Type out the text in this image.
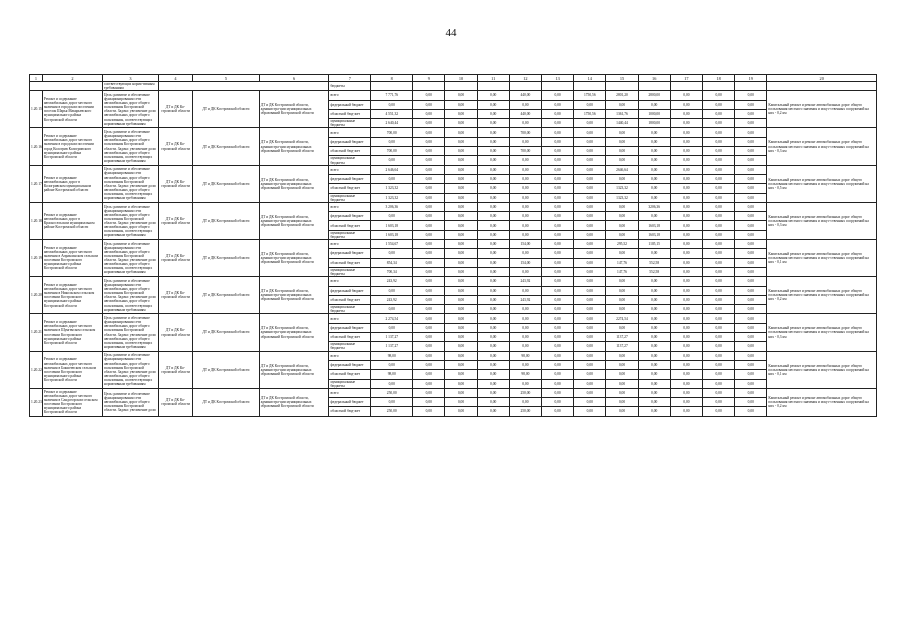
44
1	2	3	4	5	6	7	8	9	10	11	12	13	14	15	16	17	18	19	20
		соответствующих норма-тивным требованиям				бюджеты													
1.20.15	Ремонт и содержание автомобильных дорог местного значения в городском поселении поселок Шарья Макарьевского муниципального района Костромской области	Цель: развитие и обеспечение функционирования сети автомобильных дорог общего пользования Костромской области. Задача: увеличение доли автомобильных дорог общего пользования, соответствующих нормативным требованиям	ДТ и ДК Ко-стромской области	ДТ и ДК Костромской области	ДТ и ДК Костромской области, админиcтра-ции муниципальных образований Костромской области	всего	7 771,76	0,00	0,00	0,00	440,00	0,00	1750,56	2801,20	2800,00	0,00	0,00	0,00	Капитальный ремонт и ремонт автомобильных дорог общего пользования местного значения и искус-ственных сооружений на них - 0,2 км
						федеральный бюджет	0,00	0,00	0,00	0,00	0,00	0,00	0,00	0,00	0,00	0,00	0,00	0,00	
						областной бюд-жет	4 551,32	0,00	0,00	0,00	440,00	0,00	1750,56	1361,76	1000,00	0,00	0,00	0,00	
						муниципальные бюджеты	2 640,44	0,00	0,00	0,00	0,00	0,00	0,00	1440,44	1800,00	0,00	0,00	0,00	
1.20.16	Ремонт и содержание автомобильных дорог местного значения в городском поселении город Кологрив Кологривского муниципального района Костромской области	Цель: развитие и обеспечение функционирования сети автомобильных дорог общего пользования Костромской области. Задача: увеличение доли автомобильных дорог общего пользования, соответствующих нормативным требованиям	ДТ и ДК Ко-стромской области	ДТ и ДК Костромской области	ДТ и ДК Костромской области, админиcтра-ции муниципальных образований Костромской области	всего	700,00	0,00	0,00	0,00	700,00	0,00	0,00	0,00	0,00	0,00	0,00	0,00	Капитальный ремонт и ремонт автомобильных дорог общего пользования местного значения и искус-ственных сооружений на них - 0,3 км
						федеральный бюджет	0,00	0,00	0,00	0,00	0,00	0,00	0,00	0,00	0,00	0,00	0,00	0,00	
						областной бюд-жет	700,00	0,00	0,00	0,00	700,00	0,00	0,00	0,00	0,00	0,00	0,00	0,00	
						муниципальные бюджеты	0,00	0,00	0,00	0,00	0,00	0,00	0,00	0,00	0,00	0,00	0,00	0,00	
1.20.17	Ремонт и содержание автомобильных дорог в Кологривском муниципальном районе Костромской области	Цель: развитие и обеспечение функционирования сети автомобильных дорог общего пользования Костромской области. Задача: увеличение доли автомобильных дорог общего пользования, соответствующих нормативным требованиям	ДТ и ДК Ко-стромской области	ДТ и ДК Костромской области	ДТ и ДК Костромской области, админиcтра-ции муниципальных образований Костромской области	всего	2 646,64	0,00	0,00	0,00	0,00	0,00	0,00	2646,64	0,00	0,00	0,00	0,00	Капитальный ремонт и ремонт автомобильных дорог общего пользования местного значения и искус-ственных сооружений на них - 0,5 км
						федеральный бюджет	0,00	0,00	0,00	0,00	0,00	0,00	0,00	0,00	0,00	0,00	0,00	0,00	
						областной бюд-жет	1 323,32	0,00	0,00	0,00	0,00	0,00	0,00	1323,32	0,00	0,00	0,00	0,00	
						муниципальные бюджеты	1 323,32	0,00	0,00	0,00	0,00	0,00	0,00	1323,32	0,00	0,00	0,00	0,00	
1.20.18	Ремонт и содержание автомобильных дорог в Красносельском муниципальном районе Костромской области	Цель: развитие и обеспечение функционирования сети автомобильных дорог общего пользования Костромской области. Задача: увеличение доли автомобильных дорог общего пользования, соответствующих нормативным требованиям	ДТ и ДК Ко-стромской области	ДТ и ДК Костромской области	ДТ и ДК Костромской области, админиcтра-ции муниципальных образований Костромской области	всего	3 206,36	0,00	0,00	0,00	0,00	0,00	0,00	0,00	3206,36	0,00	0,00	0,00	Капитальный ремонт и ремонт автомобильных дорог общего пользования местного значения и искус-ственных сооружений на них - 0,3 км
						федеральный бюджет	0,00	0,00	0,00	0,00	0,00	0,00	0,00	0,00	0,00	0,00	0,00	0,00	
						областной бюд-жет	1 603,18	0,00	0,00	0,00	0,00	0,00	0,00	0,00	1603,18	0,00	0,00	0,00	
						муниципальные бюджеты	1 603,18	0,00	0,00	0,00	0,00	0,00	0,00	0,00	1603,18	0,00	0,00	0,00	
1.20.19	Ремонт и содержание автомобильных дорог местного значения в Апраксинском сельском поселении Костромского муниципального района Костромской области	Цель: развитие и обеспечение функционирования сети автомобильных дорог общего пользования Костромской области. Задача: увеличение доли автомобильных дорог общего пользования, соответствующих нормативным требованиям	ДТ и ДК Ко-стромской области	ДТ и ДК Костромской области	ДТ и ДК Костромской области, админиcтра-ции муниципальных образований Костромской области	всего	1 554,67	0,00	0,00	0,00	154,00	0,00	0,00	295,52	1105,15	0,00	0,00	0,00	Капитальный ремонт и ремонт автомобильных дорог общего пользования местного значения и искус-ственных сооружений на них - 0,1 км
						федеральный бюджет	0,00	0,00	0,00	0,00	0,00	0,00	0,00	0,00	0,00	0,00	0,00	0,00	
						областной бюд-жет	854,34	0,00	0,00	0,00	154,00	0,00	0,00	147,76	552,58	0,00	0,00	0,00	
						муниципальные бюджеты	700,34	0,00	0,00	0,00	0,00	0,00	0,00	147,76	552,58	0,00	0,00	0,00	
1.20.20	Ремонт и содержание автомобильных дорог местного значения в Никольском сельском поселении Костромского муниципального района Костромской области	Цель: развитие и обеспечение функционирования сети автомобильных дорог общего пользования Костромской области. Задача: увеличение доли автомобильных дорог общего пользования, соответствующих нормативным требованиям	ДТ и ДК Ко-стромской области	ДТ и ДК Костромской области	ДТ и ДК Костромской области, админиcтра-ции муниципальных образований Костромской области	всего	243,92	0,00	0,00	0,00	243,92	0,00	0,00	0,00	0,00	0,00	0,00	0,00	Капитальный ремонт и ремонт автомобильных дорог общего пользования местного значения и искус-ственных сооружений на них - 0,2 км
						федеральный бюджет	0,00	0,00	0,00	0,00	0,00	0,00	0,00	0,00	0,00	0,00	0,00	0,00	
						областной бюд-жет	243,92	0,00	0,00	0,00	243,92	0,00	0,00	0,00	0,00	0,00	0,00	0,00	
						муниципальные бюджеты	0,00	0,00	0,00	0,00	0,00	0,00	0,00	0,00	0,00	0,00	0,00	0,00	
1.20.21	Ремонт и содержание автомобильных дорог местного значения в Шунгенском сельском поселении Костромского муниципального района Костромской области	Цель: развитие и обеспечение функционирования сети автомобильных дорог общего пользования Костромской области. Задача: увеличение доли автомобильных дорог общего пользования, соответствующих нормативным требованиям	ДТ и ДК Ко-стромской области	ДТ и ДК Костромской области	ДТ и ДК Костромской области, админиcтра-ции муниципальных образований Костромской области	всего	2 274,54	0,00	0,00	0,00	0,00	0,00	0,00	2274,54	0,00	0,00	0,00	0,00	Капитальный ремонт и ремонт автомобильных дорог общего пользования местного значения и искус-ственных сооружений на них - 0,3 км
						федеральный бюджет	0,00	0,00	0,00	0,00	0,00	0,00	0,00	0,00	0,00	0,00	0,00	0,00	
						областной бюд-жет	1 137,27	0,00	0,00	0,00	0,00	0,00	0,00	1137,27	0,00	0,00	0,00	0,00	
						муниципальные бюджеты	1 137,27	0,00	0,00	0,00	0,00	0,00	0,00	1137,27	0,00	0,00	0,00	0,00	
1.20.22	Ремонт и содержание автомобильных дорог местного значения в Бакшеевском сельском поселении Костромского муниципального района Костромской области	Цель: развитие и обеспечение функционирования сети автомобильных дорог общего пользования Костромской области. Задача: увеличение доли автомобильных дорог общего пользования, соответствующих нормативным требованиям	ДТ и ДК Ко-стромской области	ДТ и ДК Костромской области	ДТ и ДК Костромской области, админиcтра-ции муниципальных образований Костромской области	всего	98,00	0,00	0,00	0,00	98,00	0,00	0,00	0,00	0,00	0,00	0,00	0,00	Капитальный ремонт и ремонт автомобильных дорог общего пользования местного значения и искус-ственных сооружений на них - 0,1 км
						федеральный бюджет	0,00	0,00	0,00	0,00	0,00	0,00	0,00	0,00	0,00	0,00	0,00	0,00	
						областной бюд-жет	98,00	0,00	0,00	0,00	98,00	0,00	0,00	0,00	0,00	0,00	0,00	0,00	
						муниципальные бюджеты	0,00	0,00	0,00	0,00	0,00	0,00	0,00	0,00	0,00	0,00	0,00	0,00	
1.20.23	Ремонт и содержание автомобильных дорог местного значения в Сандогорском сельском поселении Костромского муниципального района Костромской области	Цель: развитие и обеспечение функционирования сети автомобильных дорог общего пользования Костромской области. Задача: увеличение доли	ДТ и ДК Ко-стромской области	ДТ и ДК Костромской области	ДТ и ДК Костромской области, админиcтра-ции муниципальных образований Костромской области	всего	250,00	0,00	0,00	0,00	250,00	0,00	0,00	0,00	0,00	0,00	0,00	0,00	Капитальный ремонт и ремонт автомобильных дорог общего пользования местного значения и искус-ственных сооружений на них - 0,2 км
						федеральный бюджет	0,00	0,00	0,00	0,00	0,00	0,00	0,00	0,00	0,00	0,00	0,00	0,00	
						областной бюд-жет	250,00	0,00	0,00	0,00	250,00	0,00	0,00	0,00	0,00	0,00	0,00	0,00	
